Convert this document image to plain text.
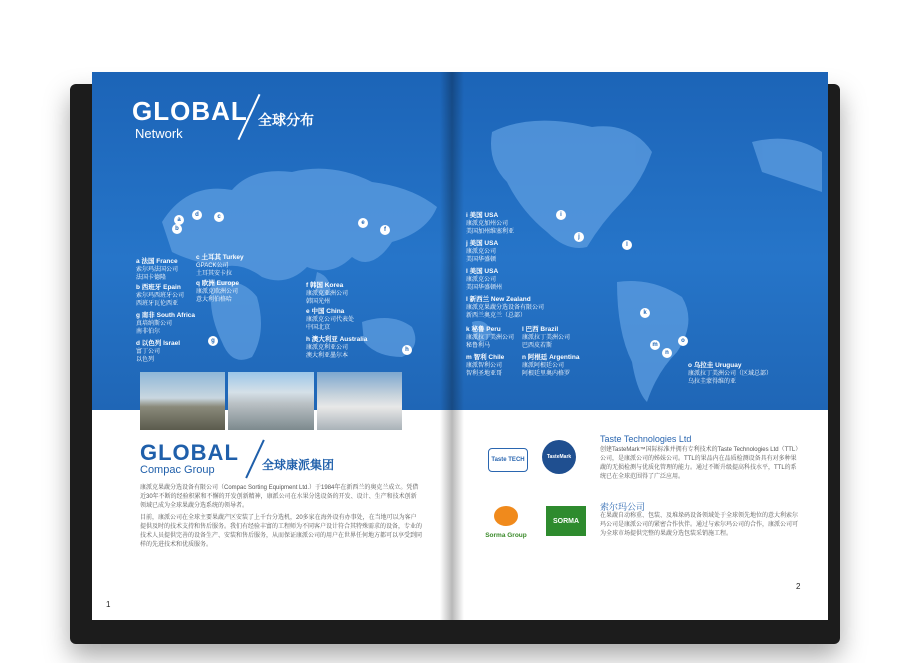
GLOBAL
Network
全球分布
a
b
c
d
e
f
g
h
a 法国 France
索尔玛法国公司
法国卡德隆
b 西班牙 Epain
索尔玛西班牙公司
西班牙瓦伦西亚
g 南非 South Africa
真培纳斯公司
南非伯尔
d 以色列 Israel
富丁公司
以色列
c 土耳其 Turkey
GPACK公司
土耳其安卡拉
q 欧洲 Europe
康派克欧洲公司
意大利伯格哈
f 韩国 Korea
康派克亚洲公司
韩国光州
e 中国 China
康派克公司代表处
中国北京
h 澳大利亚 Australia
康派克利亚公司
澳大利亚墨尔本
GLOBAL
Compac Group	全球康派集团
康派克果蔬分选设备有限公司（Compac Sorting Equipment Ltd.）于1984年在新西兰的奥克兰成立。凭借近30年不断的经验积累和不懈的开发创新精神，康派公司在水果分选设备的开发、设计、生产和技术创新领域已成为全球果蔬分选系统的领导者。
目前，康派公司在全球主要果蔬产区安装了上千台分选机，20多家在海外设有办事处，在当地可以为客户提供及时的技术支持和售后服务。我们有经验丰富的工程师为不同客户设计符合其特殊需求的设备，专业的技术人员提供完善的设备生产、安装和售后服务，从而保证康派公司的用户在世界任何地方都可以享受到同样的先进技术和优质服务。
1
i
j
l
k
m
n
o
i 美国 USA
康派克加州公司
美国加州维塞利亚
j 美国 USA
康派克公司
美国华盛顿
l 美国 USA
康派克公司
美国华盛顿州
l 新西兰 New Zealand
康派克果蔬分选设备有限公司
新西兰奥克兰（总部）
k 秘鲁 Peru
康派拉丁美洲公司
秘鲁利马
m 智利 Chile
康派智利公司
智利圣地亚哥
l 巴西 Brazil
康派拉丁美洲公司
巴西皮若斯
n 阿根廷 Argentina
康派阿根廷公司
阿根廷里奥内格罗
o 乌拉圭 Uruguay
康派拉丁美洲公司（区域总部）
乌拉圭蒙得维的亚
Taste TECH	TasteMark
Sorma Group
SORMA
Taste Technologies Ltd
创建TasteMark™国际标准并拥有专利技术的Taste Technologies Ltd（TTL）公司，是康派公司的姊妹公司。TTL的果品内在品质检测设备具有对多种果蔬的无损检测与优质化管理的能力。通过不断升级提高科技水平，TTL的系统已在全球范围得了广泛应用。
索尔玛公司
在果蔬自动称重、包装、及堆垛码设备领域处于全球领先地位的意大利索尔玛公司是康派公司的紧密合作伙伴。通过与索尔玛公司的合作，康派公司可为全球市场提供完整的果蔬分选包装采销施工程。
2
